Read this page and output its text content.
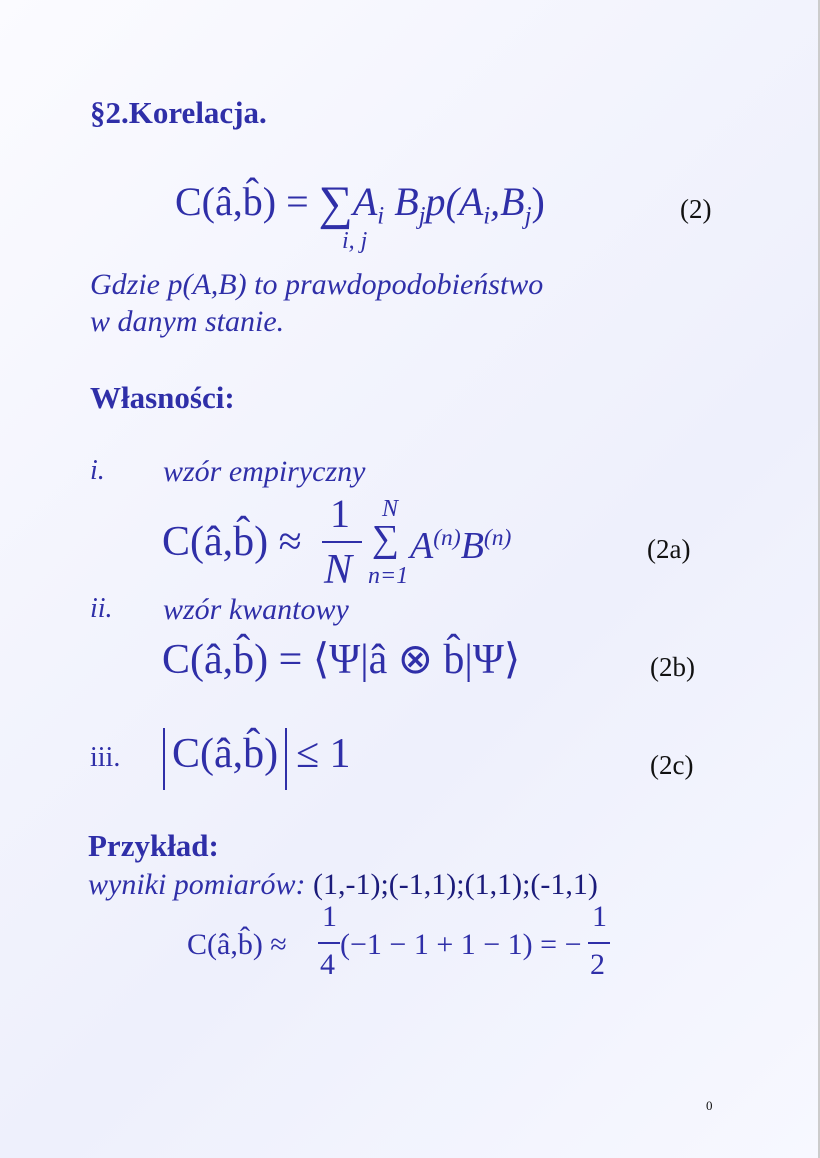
§2.Korelacja.
C(â,b̂) = $\sum A_i$ $B_jp(A_i,B_j)$
i, j
(2)
Gdzie p(A,B) to prawdopodobieństwo
w danym stanie.
Własności:
i. wzór empiryczny
C(â,b̂) ≈
1
N
N
∑
n=1
$A^{(n)}B^{(n)}$	(2a)
ii. wzór kwantowy
C(â,b̂) = ⟨Ψ|â ⊗ b̂|Ψ⟩	(2b)
iii. C(â,b̂) ≤ 1	(2c)
Przykład:
wyniki pomiarów: (1,-1);(-1,1);(1,1);(-1,1)
C(â,b̂) ≈
1
4
(−1 − 1 + 1 − 1) = −
1
2
0
